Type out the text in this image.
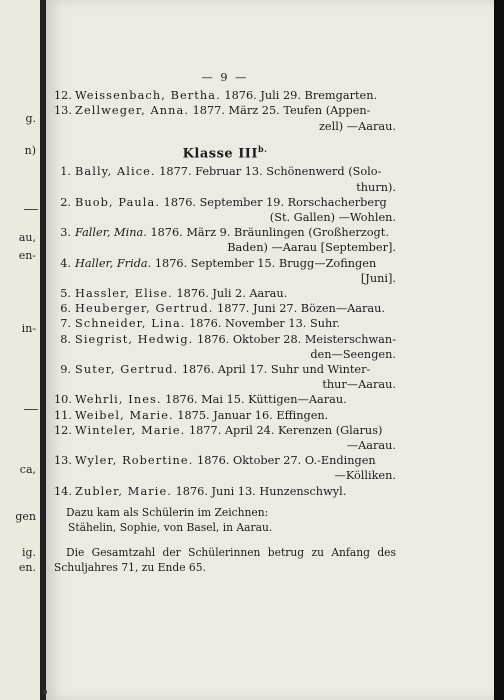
g.
n)
au,
en-
in-
ca,
gen
ig.
en.
— 9 —
12. Weissenbach, Bertha. 1876. Juli 29. Bremgarten.
13. Zellweger, Anna. 1877. März 25. Teufen (Appen-
zell) —Aarau.
Klasse $III^{b.}$
1. Bally, Alice. 1877. Februar 13. Schönenwerd (Solo-
thurn).
2. Buob, Paula. 1876. September 19. Rorschacherberg
(St. Gallen) —Wohlen.
3. Faller, Mina. 1876. März 9. Bräunlingen (Großherzogt.
Baden) —Aarau [September].
4. Haller, Frida. 1876. September 15. Brugg—Zofingen
[Juni].
5. Hassler, Elise. 1876. Juli 2. Aarau.
6. Heuberger, Gertrud. 1877. Juni 27. Bözen—Aarau.
7. Schneider, Lina. 1876. November 13. Suhr.
8. Siegrist, Hedwig. 1876. Oktober 28. Meisterschwan-
den—Seengen.
9. Suter, Gertrud. 1876. April 17. Suhr und Winter-
thur—Aarau.
10. Wehrli, Ines. 1876. Mai 15. Küttigen—Aarau.
11. Weibel, Marie. 1875. Januar 16. Effingen.
12. Winteler, Marie. 1877. April 24. Kerenzen (Glarus)
—Aarau.
13. Wyler, Robertine. 1876. Oktober 27. O.-Endingen
—Kölliken.
14. Zubler, Marie. 1876. Juni 13. Hunzenschwyl.
Dazu kam als Schülerin im Zeichnen:
Stähelin, Sophie, von Basel, in Aarau.
Die Gesamtzahl der Schülerinnen betrug zu Anfang des Schuljahres 71, zu Ende 65.
